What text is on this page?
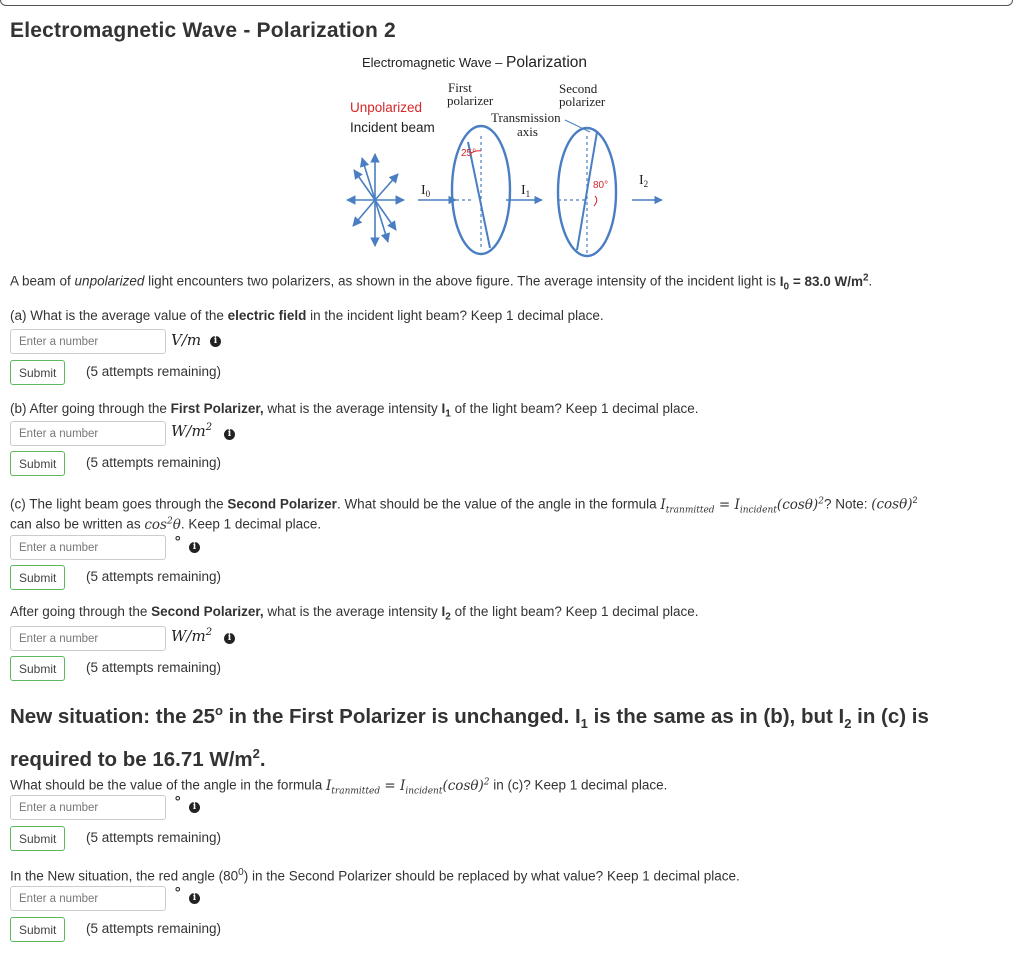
Electromagnetic Wave - Polarization 2
Electromagnetic Wave – Polarization
Unpolarized
Incident beam
First
polarizer
Second
polarizer
Transmission
axis
25°
80°
$I_0$	$I_1$
$I_2$

A beam of unpolarized light encounters two polarizers, as shown in the above figure. The average intensity of the incident light is $I_0 = 83.0$ $W/m^2$.

(a) What is the average value of the electric field in the incident light beam? Keep 1 decimal place.

Enter a number
V/m	i
Submit	(5 attempts remaining)

(b) After going through the First Polarizer, what is the average intensity $I_1$ of the light beam? Keep 1 decimal place.

Enter a number
$W/m^2$
i
Submit	(5 attempts remaining)

(c) The light beam goes through the Second Polarizer. What should be the value of the angle in the formula $I_{tranmitted} = I_{incident}(\cos\theta)^2$? Note: $(\cos\theta)^2$

can also be written as $\cos^2\theta$. Keep 1 decimal place.

Enter a number
°	i
Submit	(5 attempts remaining)

After going through the Second Polarizer, what is the average intensity $I_2$ of the light beam? Keep 1 decimal place.

Enter a number
$W/m^2$	i
Submit	(5 attempts remaining)
New situation: the 25$^o$ in the First Polarizer is unchanged. $I_1$ is the same as in (b), but $I_2$ in (c) is
required to be 16.71 $W/m^2$.

What should be the value of the angle in the formula $I_{tranmitted} = I_{incident}(\cos\theta)^2$ in (c)? Keep 1 decimal place.

Enter a number
°	i
Submit	(5 attempts remaining)

In the New situation, the red angle $(80^0)$ in the Second Polarizer should be replaced by what value? Keep 1 decimal place.

Enter a number
°	i
Submit	(5 attempts remaining)
